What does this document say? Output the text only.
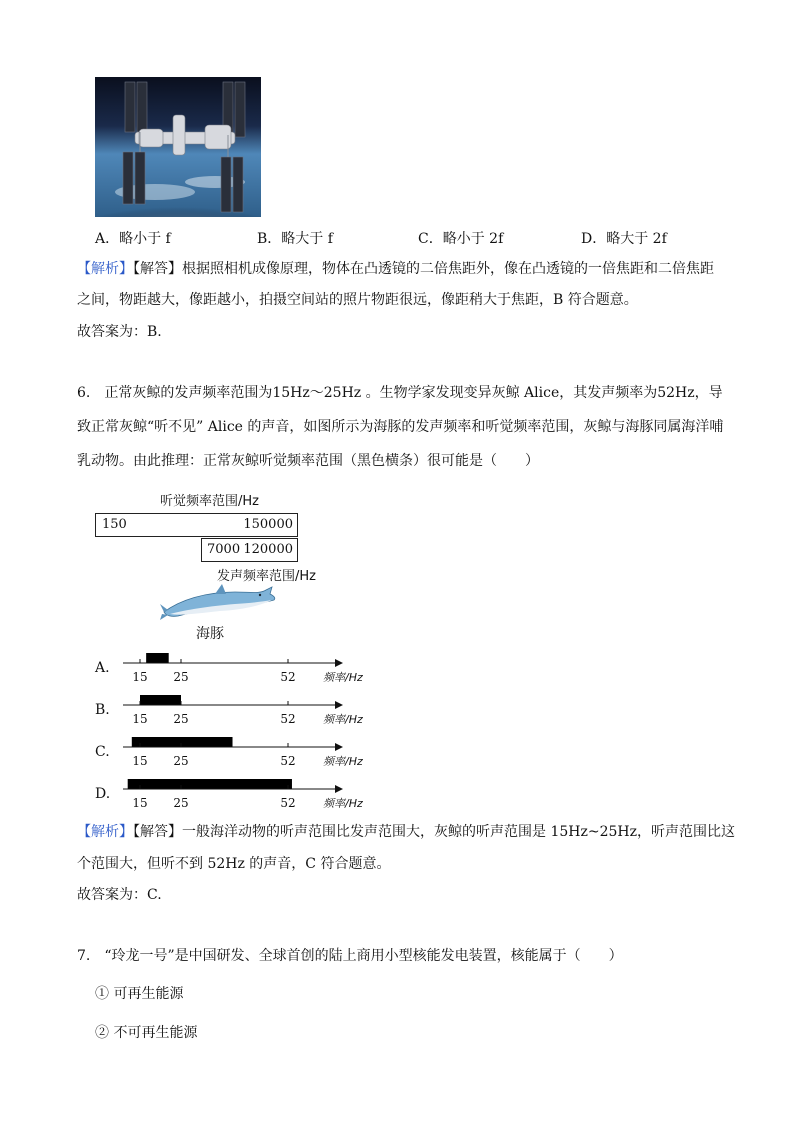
A．略小于 f	B．略大于 f	C．略小于 2f	D．略大于 2f
【解析】【解答】根据照相机成像原理，物体在凸透镜的二倍焦距外，像在凸透镜的一倍焦距和二倍焦距
之间，物距越大，像距越小，拍摄空间站的照片物距很远，像距稍大于焦距，B 符合题意。
故答案为：B.
6.　正常灰鲸的发声频率范围为15Hz～25Hz 。生物学家发现变异灰鲸 Alice，其发声频率为52Hz，导
致正常灰鲸“听不见” Alice 的声音，如图所示为海豚的发声频率和听觉频率范围，灰鲸与海豚同属海洋哺
乳动物。由此推理：正常灰鲸听觉频率范围（黑色横条）很可能是（　　）
听觉频率范围/Hz
150	150000
7000 120000
发声频率范围/Hz
海豚
A.
15 25	52 频率/Hz
B.
15 25	52 频率/Hz
C.
15 25	52 频率/Hz
D.
15 25	52 频率/Hz
【解析】【解答】一般海洋动物的听声范围比发声范围大，灰鲸的听声范围是 15Hz~25Hz，听声范围比这
个范围大，但听不到 52Hz 的声音，C 符合题意。
故答案为：C.
7.　“玲龙一号”是中国研发、全球首创的陆上商用小型核能发电装置，核能属于（　　）
① 可再生能源
② 不可再生能源
